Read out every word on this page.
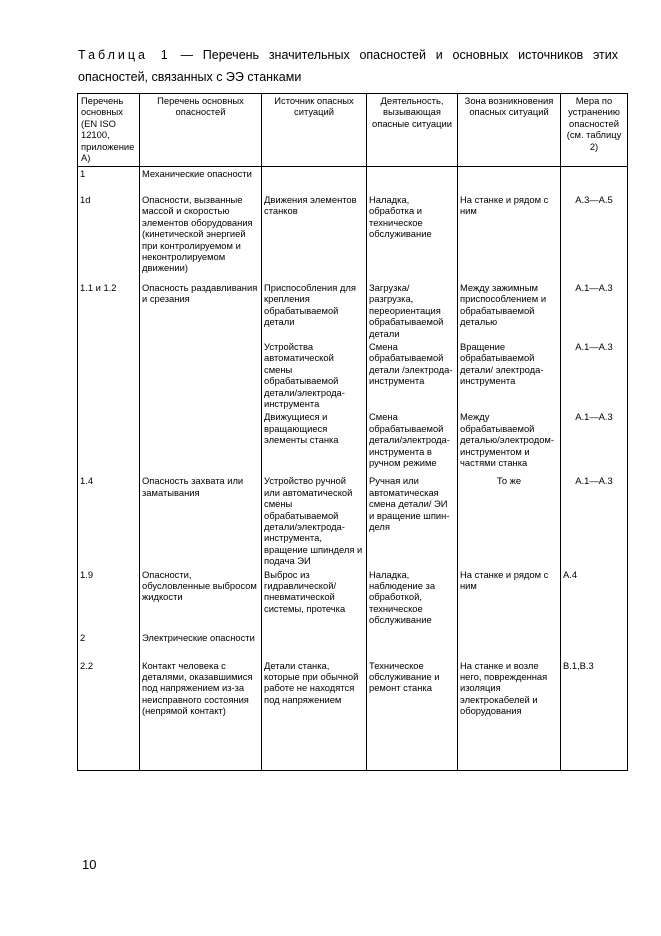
Таблица 1 — Перечень значительных опасностей и основных источников этих опасностей, связанных с ЭЭ станками
Перечень основных (EN ISO 12100, приложение А)	Перечень основных опасностей	Источник опасных ситуаций	Деятельность, вызывающая опасные ситуации	Зона возникновения опасных ситуаций	Мера по устранению опасностей (см. таблицу 2)
1	Механические опасности				
1d	Опасности, вызванные массой и скоростью элементов оборудования (кинетической энергией при контролируемом и неконтролируемом движении)	Движения элементов станков	Наладка, обработка и техническое обслуживание	На станке и рядом с ним	А.3—А.5
1.1 и 1.2	Опасность раздавливания и срезания	Приспособления для крепления обрабатываемой детали	Загрузка/ разгрузка, переориентация обрабатываемой детали	Между зажимным приспособлением и обрабатываемой деталью	А.1—А.3
		Устройства автоматической смены обрабатываемой детали/электрода-инструмента	Смена обрабатываемой детали /электрода-инструмента	Вращение обрабатываемой детали/ электрода-инструмента	А.1—А.3
		Движущиеся и вращающиеся элементы станка	Смена обрабатываемой детали/электрода-инструмента в ручном режиме	Между обрабатываемой деталью/электродом-инструментом и частями станка	А.1—А.3
1.4	Опасность захвата или заматывания	Устройство ручной или автоматической смены обрабатываемой детали/электрода-инструмента, вращение шпинделя и подача ЭИ	Ручная или автоматическая смена детали/ ЭИ и вращение шпин-деля	То же	А.1—А.3
1.9	Опасности, обусловленные выбросом жидкости	Выброс из гидравлической/пневматической системы, протечка	Наладка, наблюдение за обработкой, техническое обслуживание	На станке и рядом с ним	А.4
2	Электрические опасности				
2.2	Контакт человека с деталями, оказавшимися под напряжением из-за неисправного состояния (непрямой контакт)	Детали станка, которые при обычной работе не находятся под напряжением	Техническое обслуживание и ремонт станка	На станке и возле него, поврежденная изоляция электрокабелей и оборудования	В.1,В.3
10
